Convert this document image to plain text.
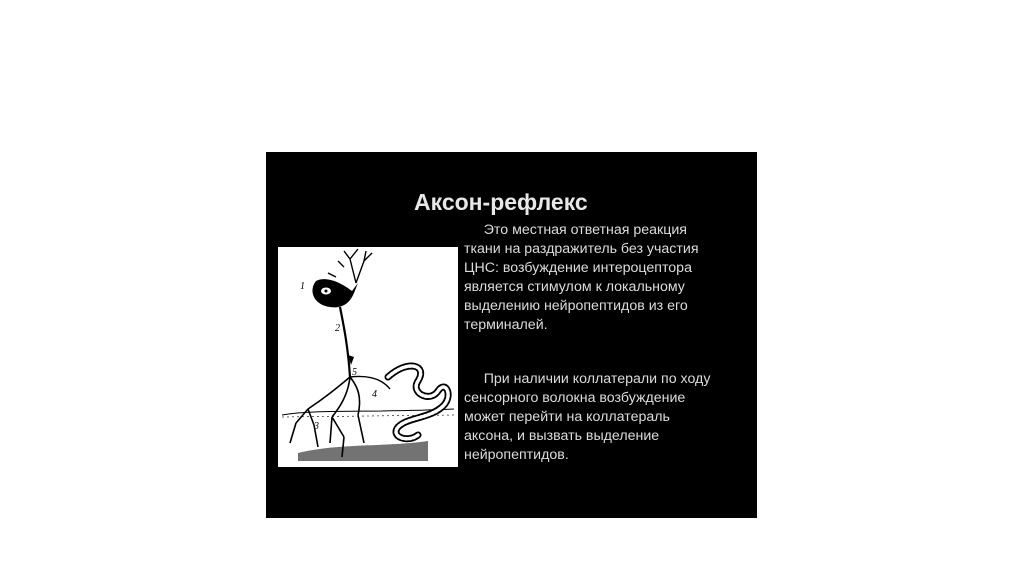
Аксон-рефлекс
1
2
3
4
5
Это местная ответная реакция
ткани на раздражитель без участия
ЦНС: возбуждение интероцептора
является стимулом к локальному
выделению нейропептидов из его
терминалей.
При наличии коллатерали по ходу
сенсорного волокна возбуждение
может перейти на коллатераль
аксона, и вызвать выделение
нейропептидов.
